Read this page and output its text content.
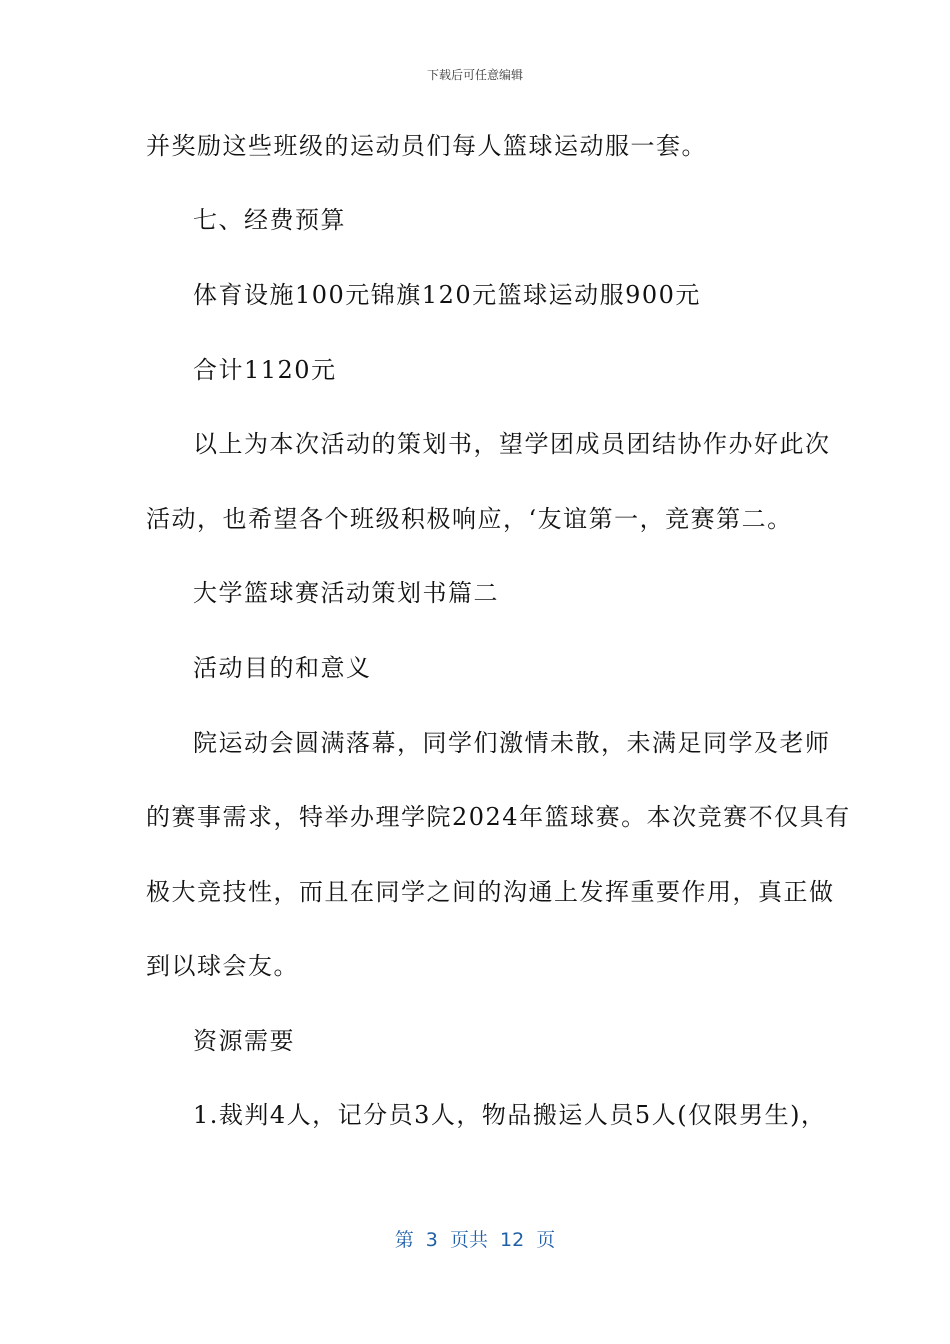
下载后可任意编辑
并奖励这些班级的运动员们每人篮球运动服一套。
七、经费预算
体育设施100元锦旗120元篮球运动服900元
合计1120元
以上为本次活动的策划书，望学团成员团结协作办好此次
活动，也希望各个班级积极响应，‘友谊第一，竞赛第二。
大学篮球赛活动策划书篇二
活动目的和意义
院运动会圆满落幕，同学们激情未散，未满足同学及老师
的赛事需求，特举办理学院2024年篮球赛。本次竞赛不仅具有
极大竞技性，而且在同学之间的沟通上发挥重要作用，真正做
到以球会友。
资源需要
1.裁判4人，记分员3人，物品搬运人员5人(仅限男生)，
第  3  页共  12  页
